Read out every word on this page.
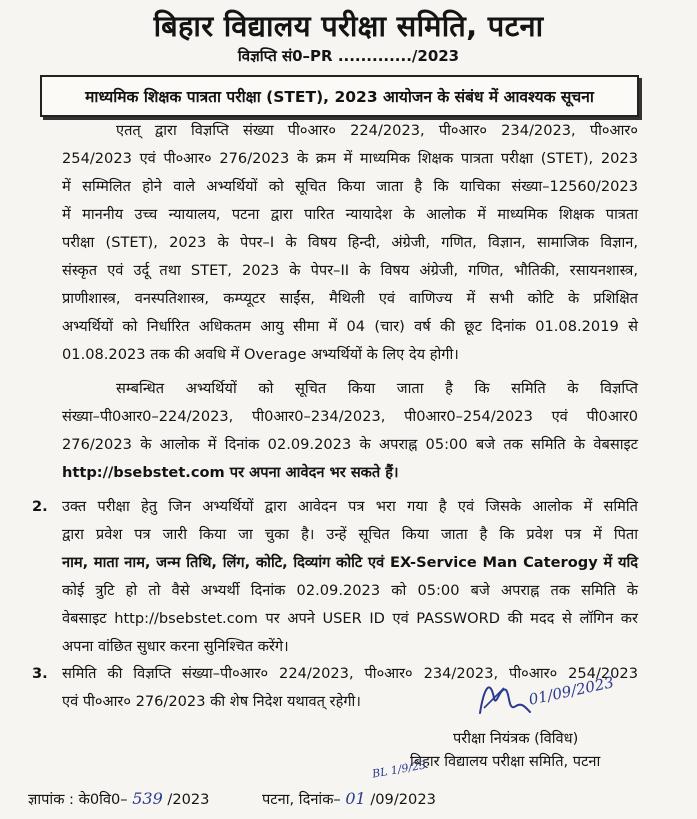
बिहार विद्यालय परीक्षा समिति, पटना
विज्ञप्ति सं0–PR ............./2023
माध्यमिक शिक्षक पात्रता परीक्षा (STET), 2023 आयोजन के संबंध में आवश्यक सूचना
एतत् द्वारा विज्ञप्ति संख्या पी०आर० 224/2023, पी०आर० 234/2023, पी०आर०
254/2023 एवं पी०आर० 276/2023 के क्रम में माध्यमिक शिक्षक पात्रता परीक्षा (STET), 2023
में सम्मिलित होने वाले अभ्यर्थियों को सूचित किया जाता है कि याचिका संख्या–12560/2023
में माननीय उच्च न्यायालय, पटना द्वारा पारित न्यायादेश के आलोक में माध्यमिक शिक्षक पात्रता
परीक्षा (STET), 2023 के पेपर–I के विषय हिन्दी, अंग्रेजी, गणित, विज्ञान, सामाजिक विज्ञान,
संस्कृत एवं उर्दू तथा STET, 2023 के पेपर–II के विषय अंग्रेजी, गणित, भौतिकी, रसायनशास्त्र,
प्राणीशास्त्र, वनस्पतिशास्त्र, कम्प्यूटर साईंस, मैथिली एवं वाणिज्य में सभी कोटि के प्रशिक्षित
अभ्यर्थियों को निर्धारित अधिकतम आयु सीमा में 04 (चार) वर्ष की छूट दिनांक 01.08.2019 से
01.08.2023 तक की अवधि में Overage अभ्यर्थियों के लिए देय होगी।
सम्बन्धित अभ्यर्थियों को सूचित किया जाता है कि समिति के विज्ञप्ति
संख्या–पी0आर0–224/2023, पी0आर0–234/2023, पी0आर0–254/2023 एवं पी0आर0
276/2023 के आलोक में दिनांक 02.09.2023 के अपराह्न 05:00 बजे तक समिति के वेबसाइट
http://bsebstet.com पर अपना आवेदन भर सकते हैं।
2. उक्त परीक्षा हेतु जिन अभ्यर्थियों द्वारा आवेदन पत्र भरा गया है एवं जिसके आलोक में समिति
द्वारा प्रवेश पत्र जारी किया जा चुका है। उन्हें सूचित किया जाता है कि प्रवेश पत्र में पिता
नाम, माता नाम, जन्म तिथि, लिंग, कोटि, दिव्यांग कोटि एवं EX-Service Man Caterogy में यदि
कोई त्रुटि हो तो वैसे अभ्यर्थी दिनांक 02.09.2023 को 05:00 बजे अपराह्न तक समिति के
वेबसाइट http://bsebstet.com पर अपने USER ID एवं PASSWORD की मदद से लॉगिन कर
अपना वांछित सुधार करना सुनिश्चित करेंगे।
3. समिति की विज्ञप्ति संख्या–पी०आर० 224/2023, पी०आर० 234/2023, पी०आर० 254/2023
एवं पी०आर० 276/2023 की शेष निदेश यथावत् रहेगी।	01/09/2023
परीक्षा नियंत्रक (विविध)
बिहार विद्यालय परीक्षा समिति, पटना
BL 1/9/23
ज्ञापांक : के0वि0– 539 /2023	पटना, दिनांक– 01 /09/2023
